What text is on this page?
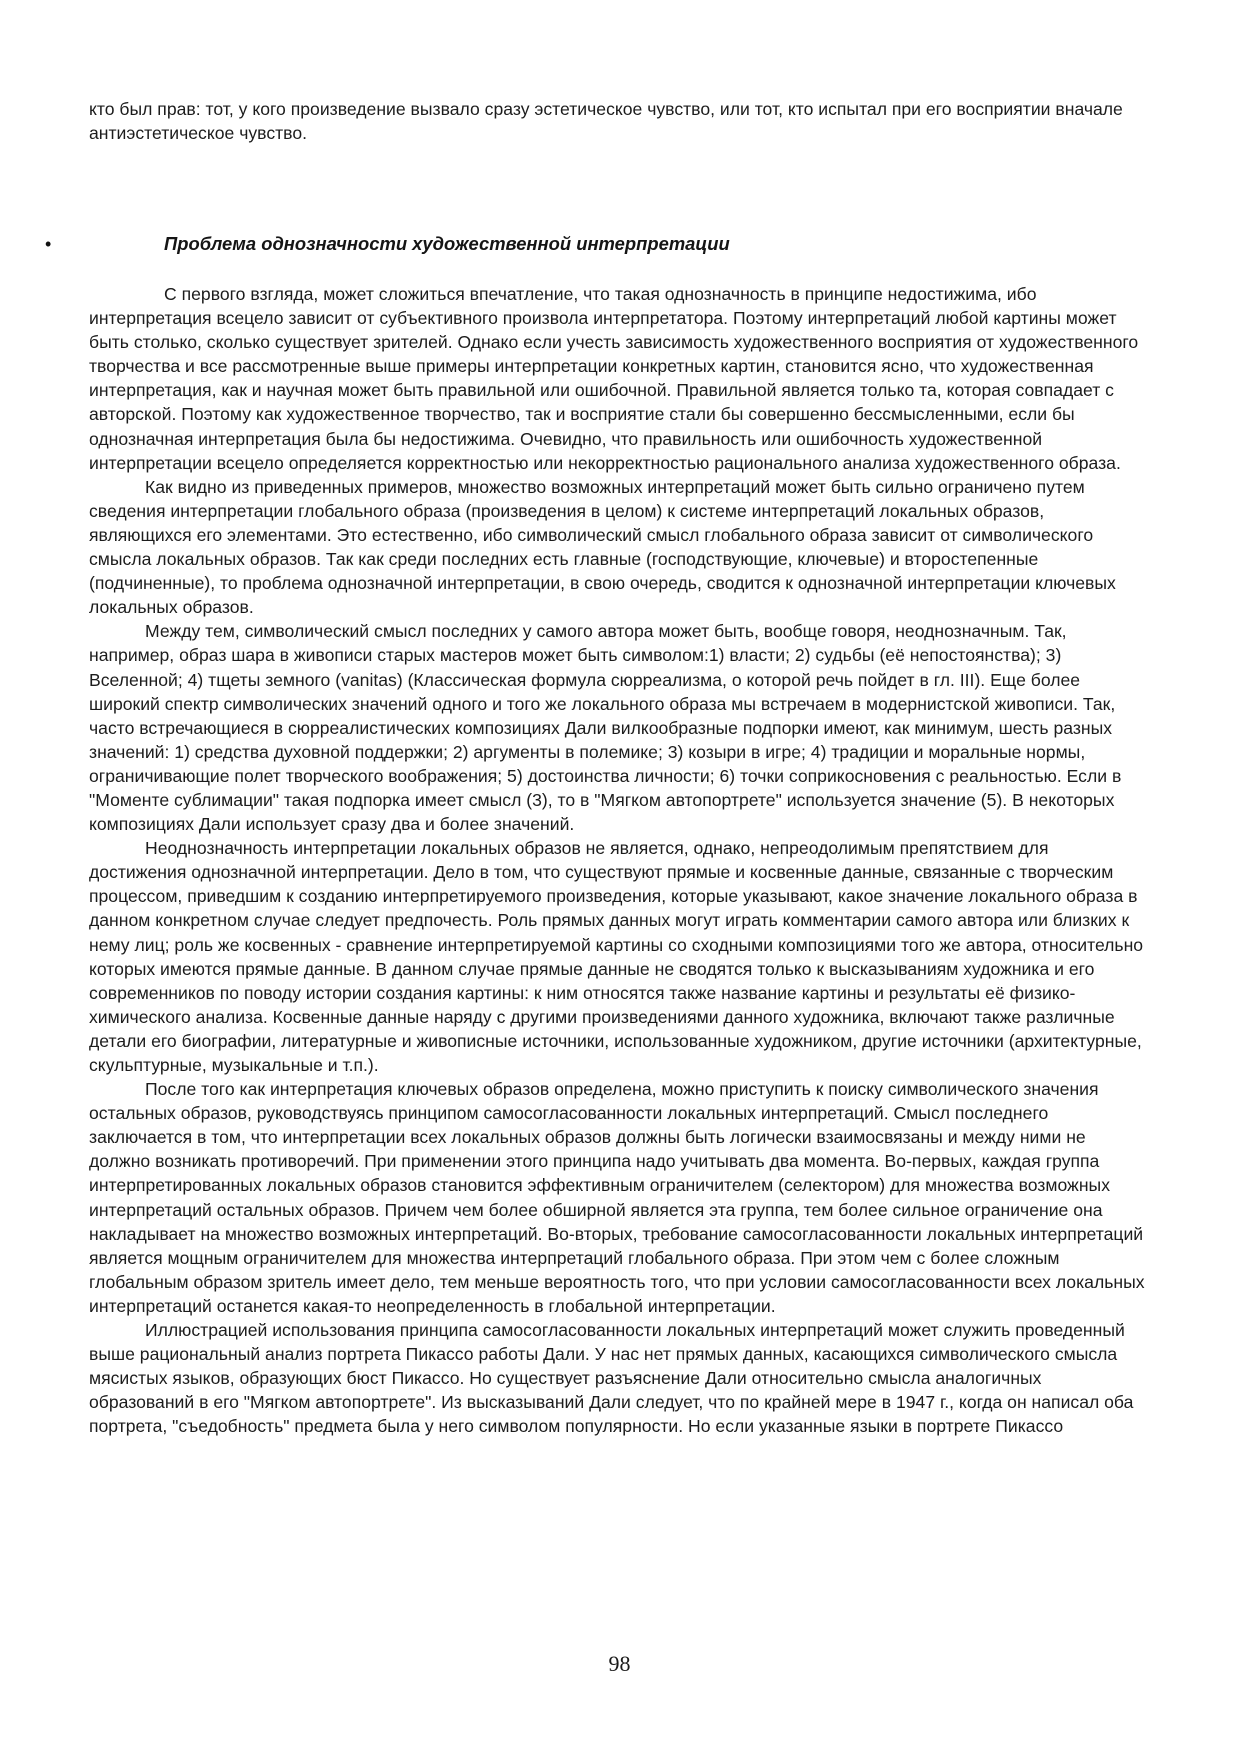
кто был прав: тот, у кого произведение вызвало сразу эстетическое чувство, или тот, кто испытал при его восприятии вначале антиэстетическое чувство.
•	Проблема однозначности художественной интерпретации

С первого взгляда, может сложиться впечатление, что такая однозначность в принципе недостижима, ибо интерпретация всецело зависит от субъективного произвола интерпретатора. Поэтому интерпретаций любой картины может быть столько, сколько существует зрителей. Однако если учесть зависимость художественного восприятия от художественного творчества и все рассмотренные выше примеры интерпретации конкретных картин, становится ясно, что художественная интерпретация, как и научная может быть правильной или ошибочной. Правильной является только та, которая совпадает с авторской. Поэтому как художественное творчество, так и восприятие стали бы совершенно бессмысленными, если бы однозначная интерпретация была бы недостижима. Очевидно, что правильность или ошибочность художественной интерпретации всецело определяется корректностью или некорректностью рационального анализа художественного образа.

Как видно из приведенных примеров, множество возможных интерпретаций может быть сильно ограничено путем сведения интерпретации глобального образа (произведения в целом) к системе интерпретаций локальных образов, являющихся его элементами. Это естественно, ибо символический смысл глобального образа зависит от символического смысла локальных образов. Так как среди последних есть главные (господствующие, ключевые) и второстепенные (подчиненные), то проблема однозначной интерпретации, в свою очередь, сводится к однозначной интерпретации ключевых локальных образов.

Между тем, символический смысл последних у самого автора может быть, вообще говоря, неоднозначным. Так, например, образ шара в живописи старых мастеров может быть символом:1) власти; 2) судьбы (её непостоянства); 3) Вселенной; 4) тщеты земного (vanitas) (Классическая формула сюрреализма, о которой речь пойдет в гл. III). Еще более широкий спектр символических значений одного и того же локального образа мы встречаем в модернистской живописи. Так, часто встречающиеся в сюрреалистических композициях Дали вилкообразные подпорки имеют, как минимум, шесть разных значений: 1) средства духовной поддержки; 2) аргументы в полемике; 3) козыри в игре; 4) традиции и моральные нормы, ограничивающие полет творческого воображения; 5) достоинства личности; 6) точки соприкосновения с реальностью. Если в "Моменте сублимации" такая подпорка имеет смысл (3), то в "Мягком автопортрете" используется значение (5). В некоторых композициях Дали использует сразу два и более значений.

Неоднозначность интерпретации локальных образов не является, однако, непреодолимым препятствием для достижения однозначной интерпретации. Дело в том, что существуют прямые и косвенные данные, связанные с творческим процессом, приведшим к созданию интерпретируемого произведения, которые указывают, какое значение локального образа в данном конкретном случае следует предпочесть. Роль прямых данных могут играть комментарии самого автора или близких к нему лиц; роль же косвенных - сравнение интерпретируемой картины со сходными композициями того же автора, относительно которых имеются прямые данные. В данном случае прямые данные не сводятся только к высказываниям художника и его современников по поводу истории создания картины: к ним относятся также название картины и результаты её физико-химического анализа. Косвенные данные наряду с другими произведениями данного художника, включают также различные детали его биографии, литературные и живописные источники, использованные художником, другие источники (архитектурные, скульптурные, музыкальные и т.п.).

После того как интерпретация ключевых образов определена, можно приступить к поиску символического значения остальных образов, руководствуясь принципом самосогласованности локальных интерпретаций. Смысл последнего заключается в том, что интерпретации всех локальных образов должны быть логически взаимосвязаны и между ними не должно возникать противоречий. При применении этого принципа надо учитывать два момента. Во-первых, каждая группа интерпретированных локальных образов становится эффективным ограничителем (селектором) для множества возможных интерпретаций остальных образов. Причем чем более обширной является эта группа, тем более сильное ограничение она накладывает на множество возможных интерпретаций. Во-вторых, требование самосогласованности локальных интерпретаций является мощным ограничителем для множества интерпретаций глобального образа. При этом чем с более сложным глобальным образом зритель имеет дело, тем меньше вероятность того, что при условии самосогласованности всех локальных интерпретаций останется какая-то неопределенность в глобальной интерпретации.

Иллюстрацией использования принципа самосогласованности локальных интерпретаций может служить проведенный выше рациональный анализ портрета Пикассо работы Дали. У нас нет прямых данных, касающихся символического смысла мясистых языков, образующих бюст Пикассо. Но существует разъяснение Дали относительно смысла аналогичных образований в его "Мягком автопортрете". Из высказываний Дали следует, что по крайней мере в 1947 г., когда он написал оба портрета, "съедобность" предмета была у него символом популярности. Но если указанные языки в портрете Пикассо

98
